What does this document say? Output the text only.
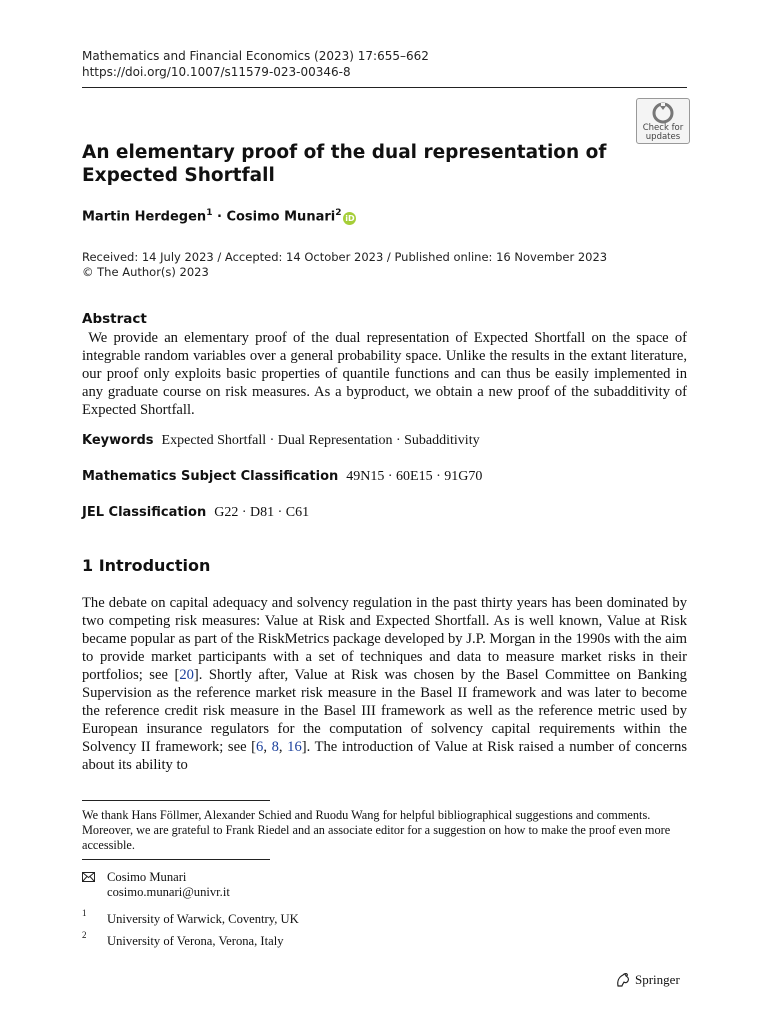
Mathematics and Financial Economics (2023) 17:655–662
https://doi.org/10.1007/s11579-023-00346-8
Check for
updates
An elementary proof of the dual representation of Expected Shortfall
Martin Herdegen$^1$ · Cosimo Munari$^2$iD
Received: 14 July 2023 / Accepted: 14 October 2023 / Published online: 16 November 2023
© The Author(s) 2023
Abstract
We provide an elementary proof of the dual representation of Expected Shortfall on the space of integrable random variables over a general probability space. Unlike the results in the extant literature, our proof only exploits basic properties of quantile functions and can thus be easily implemented in any graduate course on risk measures. As a byproduct, we obtain a new proof of the subadditivity of Expected Shortfall.
Keywords Expected Shortfall · Dual Representation · Subadditivity
Mathematics Subject Classification 49N15 · 60E15 · 91G70
JEL Classification G22 · D81 · C61
1 Introduction
The debate on capital adequacy and solvency regulation in the past thirty years has been dominated by two competing risk measures: Value at Risk and Expected Shortfall. As is well known, Value at Risk became popular as part of the RiskMetrics package developed by J.P. Morgan in the 1990s with the aim to provide market participants with a set of techniques and data to measure market risks in their portfolios; see [20]. Shortly after, Value at Risk was chosen by the Basel Committee on Banking Supervision as the reference market risk measure in the Basel II framework and was later to become the reference credit risk measure in the Basel III framework as well as the reference metric used by European insurance regulators for the computation of solvency capital requirements within the Solvency II framework; see [6, 8, 16]. The introduction of Value at Risk raised a number of concerns about its ability to
We thank Hans Föllmer, Alexander Schied and Ruodu Wang for helpful bibliographical suggestions and comments. Moreover, we are grateful to Frank Riedel and an associate editor for a suggestion on how to make the proof even more accessible.
Cosimo Munari
cosimo.munari@univr.it
1 University of Warwick, Coventry, UK
2 University of Verona, Verona, Italy
Springer
